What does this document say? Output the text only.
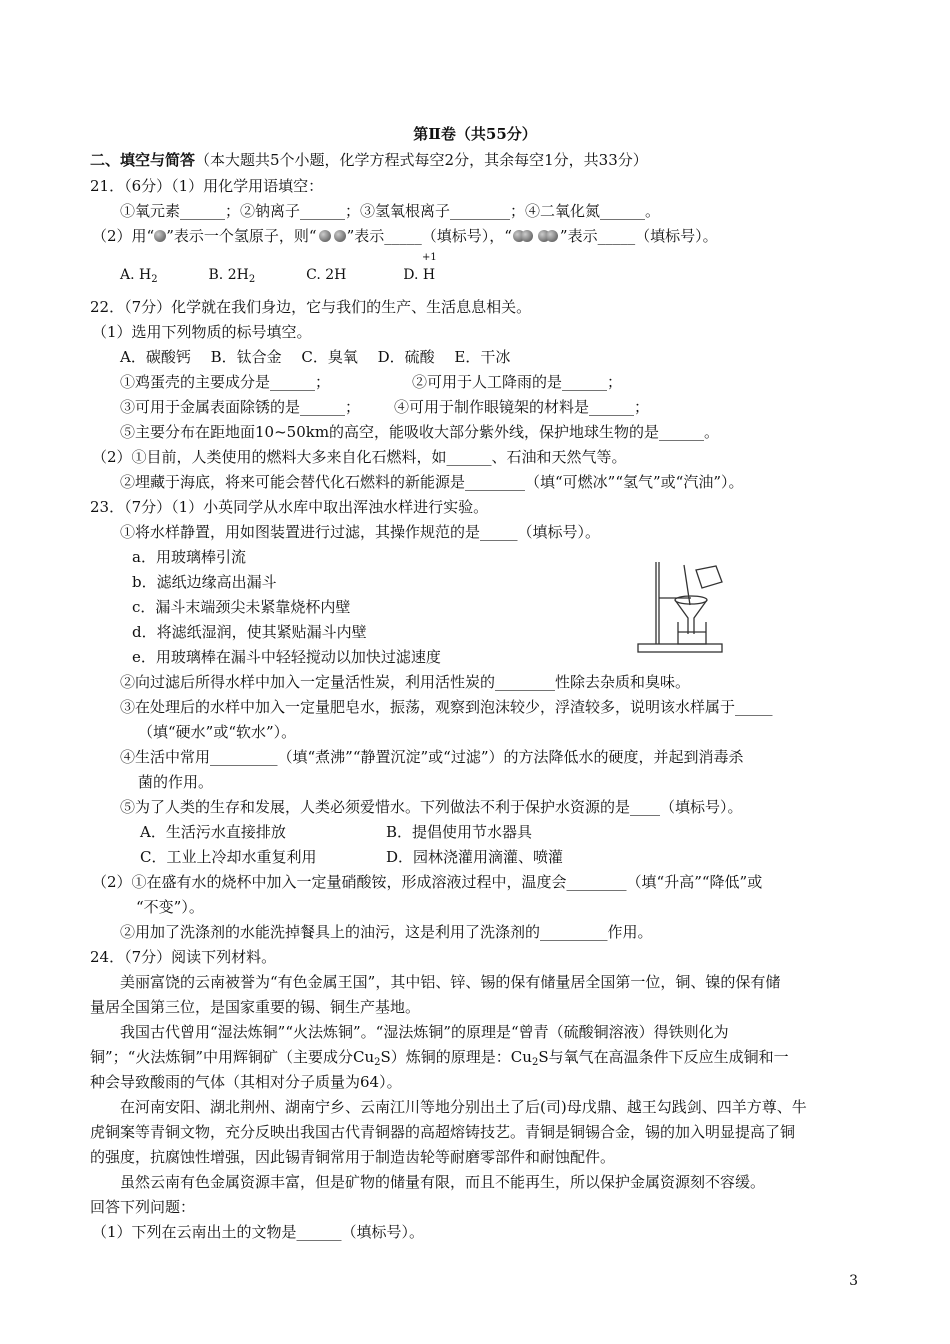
第Ⅱ卷（共55分）
二、填空与简答（本大题共5个小题，化学方程式每空2分，其余每空1分，共33分）
21．（6分）（1）用化学用语填空：
①氧元素______；②钠离子______；③氢氧根离子________；④二氧化氮______。
（2）用“ ”表示一个氢原子，则“ ”表示_____（填标号），“	”表示_____（填标号）。
+1
A. $H_2$	B. $2H_2$	C. 2H	D. H
22．（7分）化学就在我们身边，它与我们的生产、生活息息相关。
（1）选用下列物质的标号填空。
A．碳酸钙　 B．钛合金　 C．臭氧　 D．硫酸　 E．干冰
①鸡蛋壳的主要成分是______；	②可用于人工降雨的是______；
③可用于金属表面除锈的是______； ④可用于制作眼镜架的材料是______；
⑤主要分布在距地面10~50km的高空，能吸收大部分紫外线，保护地球生物的是______。
（2）①目前，人类使用的燃料大多来自化石燃料，如______、石油和天然气等。
②埋藏于海底，将来可能会替代化石燃料的新能源是________（填“可燃冰”“氢气”或“汽油”）。
23．（7分）（1）小英同学从水库中取出浑浊水样进行实验。
①将水样静置，用如图装置进行过滤，其操作规范的是_____（填标号）。
a．用玻璃棒引流
b．滤纸边缘高出漏斗
c．漏斗末端颈尖未紧靠烧杯内壁
d．将滤纸湿润，使其紧贴漏斗内壁
e．用玻璃棒在漏斗中轻轻搅动以加快过滤速度
②向过滤后所得水样中加入一定量活性炭，利用活性炭的________性除去杂质和臭味。
③在处理后的水样中加入一定量肥皂水，振荡，观察到泡沫较少，浮渣较多，说明该水样属于_____
（填“硬水”或“软水”）。
④生活中常用_________（填“煮沸”“静置沉淀”或“过滤”）的方法降低水的硬度，并起到消毒杀
菌的作用。
⑤为了人类的生存和发展，人类必须爱惜水。下列做法不利于保护水资源的是____（填标号）。
A．生活污水直接排放	B．提倡使用节水器具
C．工业上冷却水重复利用	D．园林浇灌用滴灌、喷灌
（2）①在盛有水的烧杯中加入一定量硝酸铵，形成溶液过程中，温度会________（填“升高”“降低”或
“不变”）。
②用加了洗涤剂的水能洗掉餐具上的油污，这是利用了洗涤剂的_________作用。
24．（7分）阅读下列材料。
美丽富饶的云南被誉为“有色金属王国”，其中铝、锌、锡的保有储量居全国第一位，铜、镍的保有储
量居全国第三位，是国家重要的锡、铜生产基地。
我国古代曾用“湿法炼铜”“火法炼铜”。“湿法炼铜”的原理是“曾青（硫酸铜溶液）得铁则化为
铜”；“火法炼铜”中用辉铜矿（主要成分$Cu_2S$）炼铜的原理是：$Cu_2S$与氧气在高温条件下反应生成铜和一
种会导致酸雨的气体（其相对分子质量为64）。
在河南安阳、湖北荆州、湖南宁乡、云南江川等地分别出土了后(司)母戊鼎、越王勾践剑、四羊方尊、牛
虎铜案等青铜文物，充分反映出我国古代青铜器的高超熔铸技艺。青铜是铜锡合金，锡的加入明显提高了铜
的强度，抗腐蚀性增强，因此锡青铜常用于制造齿轮等耐磨零部件和耐蚀配件。
虽然云南有色金属资源丰富，但是矿物的储量有限，而且不能再生，所以保护金属资源刻不容缓。
回答下列问题：
（1）下列在云南出土的文物是______（填标号）。
3
